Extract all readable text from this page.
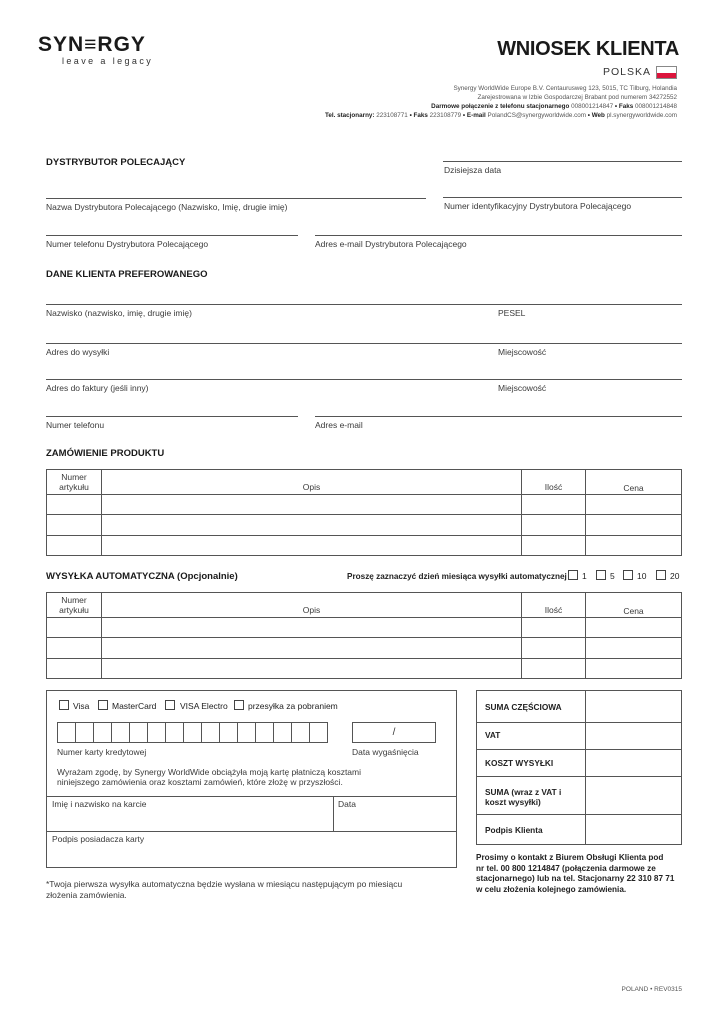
SYN≡RGY
leave a legacy
WNIOSEK KLIENTA
POLSKA
Synergy WorldWide Europe B.V. Centaurusweg 123, 5015, TC Tilburg, Holandia
Zarejestrowana w Izbie Gospodarczej Brabant pod numerem 34272552
Darmowe połączenie z telefonu stacjonarnego 008001214847 • Faks 008001214848
Tel. stacjonarny: 223108771 • Faks 223108779 • E-mail PolandCS@synergyworldwide.com • Web pl.synergyworldwide.com
DYSTRYBUTOR POLECAJĄCY
Dzisiejsza data
Nazwa Dystrybutora Polecającego (Nazwisko, Imię, drugie imię)	Numer identyfikacyjny Dystrybutora Polecającego
Numer telefonu Dystrybutora Polecającego	Adres e-mail Dystrybutora Polecającego
DANE KLIENTA PREFEROWANEGO
Nazwisko (nazwisko, imię, drugie imię)	PESEL
Adres do wysyłki	Miejscowość
Adres do faktury (jeśli inny)	Miejscowość
Numer telefonu	Adres e-mail
ZAMÓWIENIE PRODUKTU
Numer artykułu	Opis	Ilość	Cena
WYSYŁKA AUTOMATYCZNA (Opcjonalnie)	Proszę zaznaczyć dzień miesiąca wysyłki automatycznej 1	5	10	20
Numer artykułu	Opis	Ilość	Cena
Visa	MasterCard	VISA Electro przesyłka za pobraniem
/
Numer karty kredytowej	Data wygaśnięcia
Wyrażam zgodę, by Synergy WorldWide obciążyła moją kartę płatniczą kosztami
niniejszego zamówienia oraz kosztami zamówień, które złożę w przyszłości.
Imię i nazwisko na karcie	Data
Podpis posiadacza karty
SUMA CZĘŚCIOWA
VAT
KOSZT WYSYŁKI
SUMA (wraz z VAT i
koszt wysyłki)
Podpis Klienta
Prosimy o kontakt z Biurem Obsługi Klienta pod
nr tel. 00 800 1214847 (połączenia darmowe ze
stacjonarnego) lub na tel. Stacjonarny 22 310 87 71
w celu złożenia kolejnego zamówienia.
*Twoja pierwsza wysyłka automatyczna będzie wysłana w miesiącu następującym po miesiącu
złożenia zamówienia.
POLAND • REV0315
